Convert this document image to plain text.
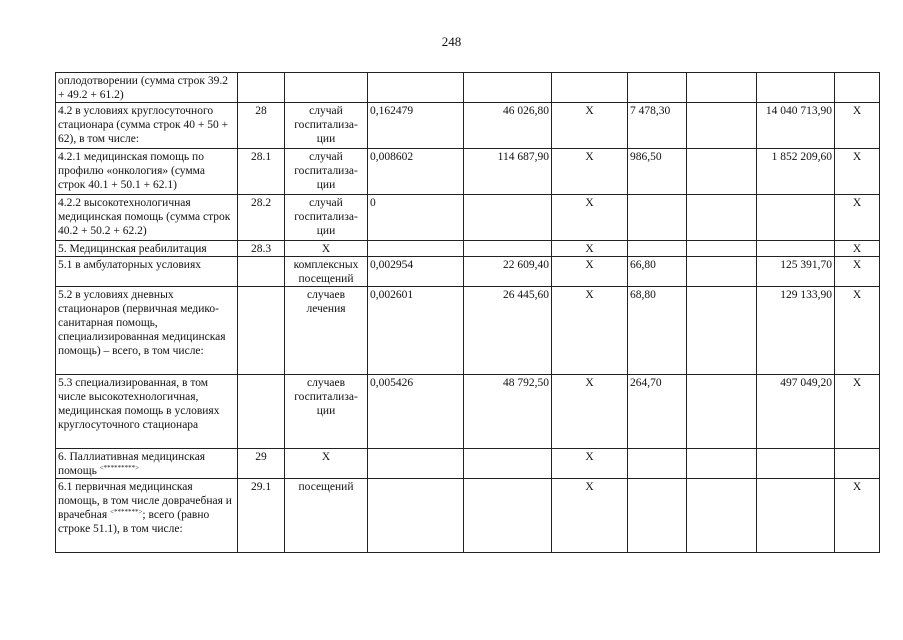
248
оплодотворении (сумма строк 39.2 + 49.2 + 61.2)									
4.2 в условиях круглосуточного стационара (сумма строк 40 + 50 + 62), в том числе:	28	случай госпитализа-ции	0,162479	46 026,80	Х	7 478,30		14 040 713,90	Х
4.2.1 медицинская помощь по профилю «онкология» (сумма строк 40.1 + 50.1 + 62.1)	28.1	случай госпитализа-ции	0,008602	114 687,90	Х	986,50		1 852 209,60	Х
4.2.2 высокотехнологичная медицинская помощь (сумма строк 40.2 + 50.2 + 62.2)	28.2	случай госпитализа-ции	0		Х				Х
5. Медицинская реабилитация	28.3	Х			Х				Х
5.1 в амбулаторных условиях		комплексных посещений	0,002954	22 609,40	Х	66,80		125 391,70	Х
5.2 в условиях дневных стационаров (первичная медико-санитарная помощь, специализированная медицинская помощь) – всего, в том числе:		случаев лечения	0,002601	26 445,60	Х	68,80		129 133,90	Х
5.3 специализированная, в том числе высокотехнологичная, медицинская помощь в условиях круглосуточного стационара		случаев госпитализа-ции	0,005426	48 792,50	Х	264,70		497 049,20	Х
6. Паллиативная медицинская помощь <*********>	29	Х			Х				
6.1 первичная медицинская помощь, в том числе доврачебная и врачебная <*******>; всего (равно строке 51.1), в том числе:	29.1	посещений			Х				Х
